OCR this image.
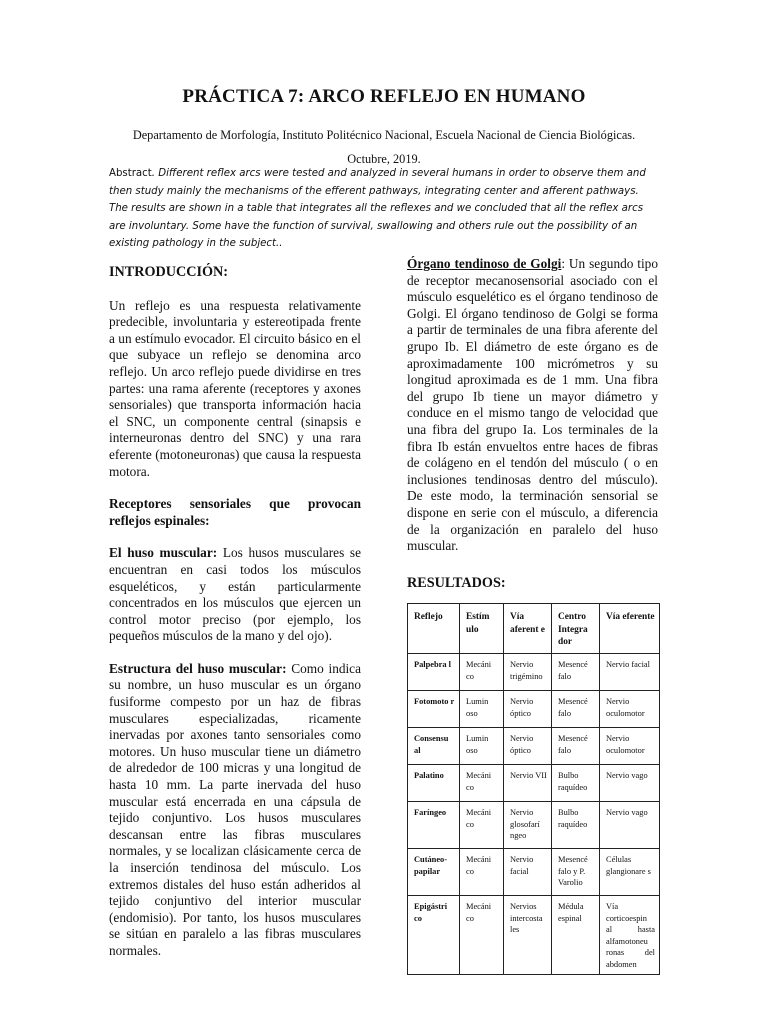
PRÁCTICA 7: ARCO REFLEJO EN HUMANO
Departamento de Morfología, Instituto Politécnico Nacional, Escuela Nacional de Ciencia Biológicas.
Octubre, 2019.
Abstract. Different reflex arcs were tested and analyzed in several humans in order to observe them and then study mainly the mechanisms of the efferent pathways, integrating center and afferent pathways. The results are shown in a table that integrates all the reflexes and we concluded that all the reflex arcs are involuntary. Some have the function of survival, swallowing and others rule out the possibility of an existing pathology in the subject..
INTRODUCCIÓN:
Un reflejo es una respuesta relativamente predecible, involuntaria y estereotipada frente a un estímulo evocador. El circuito básico en el que subyace un reflejo se denomina arco reflejo. Un arco reflejo puede dividirse en tres partes: una rama aferente (receptores y axones sensoriales) que transporta información hacia el SNC, un componente central (sinapsis e interneuronas dentro del SNC) y una rara eferente (motoneuronas) que causa la respuesta motora.
Receptores sensoriales que provocan reflejos espinales:
El huso muscular: Los husos musculares se encuentran en casi todos los músculos esqueléticos, y están particularmente concentrados en los músculos que ejercen un control motor preciso (por ejemplo, los pequeños músculos de la mano y del ojo).
Estructura del huso muscular: Como indica su nombre, un huso muscular es un órgano fusiforme compesto por un haz de fibras musculares especializadas, ricamente inervadas por axones tanto sensoriales como motores. Un huso muscular tiene un diámetro de alrededor de 100 micras y una longitud de hasta 10 mm. La parte inervada del huso muscular está encerrada en una cápsula de tejido conjuntivo. Los husos musculares descansan entre las fibras musculares normales, y se localizan clásicamente cerca de la inserción tendinosa del músculo. Los extremos distales del huso están adheridos al tejido conjuntivo del interior muscular (endomisio). Por tanto, los husos musculares se sitúan en paralelo a las fibras musculares normales.
Órgano tendinoso de Golgi: Un segundo tipo de receptor mecanosensorial asociado con el músculo esquelético es el órgano tendinoso de Golgi. El órgano tendinoso de Golgi se forma a partir de terminales de una fibra aferente del grupo Ib. El diámetro de este órgano es de aproximadamente 100 micrómetros y su longitud aproximada es de 1 mm. Una fibra del grupo Ib tiene un mayor diámetro y conduce en el mismo tango de velocidad que una fibra del grupo Ia. Los terminales de la fibra Ib están envueltos entre haces de fibras de colágeno en el tendón del músculo ( o en inclusiones tendinosas dentro del músculo). De este modo, la terminación sensorial se dispone en serie con el músculo, a diferencia de la organización en paralelo del huso muscular.
RESULTADOS:
Reflejo	Estím ulo	Vía aferent e	Centro Integra dor	Vía eferente
Palpebra l	Mecáni co	Nervio trigémino	Mesencé falo	Nervio facial
Fotomoto r	Lumin oso	Nervio óptico	Mesencé falo	Nervio oculomotor
Consensu al	Lumin oso	Nervio óptico	Mesencé falo	Nervio oculomotor
Palatino	Mecáni co	Nervio VII	Bulbo raquídeo	Nervio vago
Faríngeo	Mecáni co	Nervio glosofarí ngeo	Bulbo raquídeo	Nervio vago
Cutáneo- papilar	Mecáni co	Nervio facial	Mesencé falo y P. Varolio	Células glangionare s
Epigástri co	Mecáni co	Nervios intercosta les	Médula espinal	Vía corticoespin al hasta alfamotoneu ronas del abdomen
